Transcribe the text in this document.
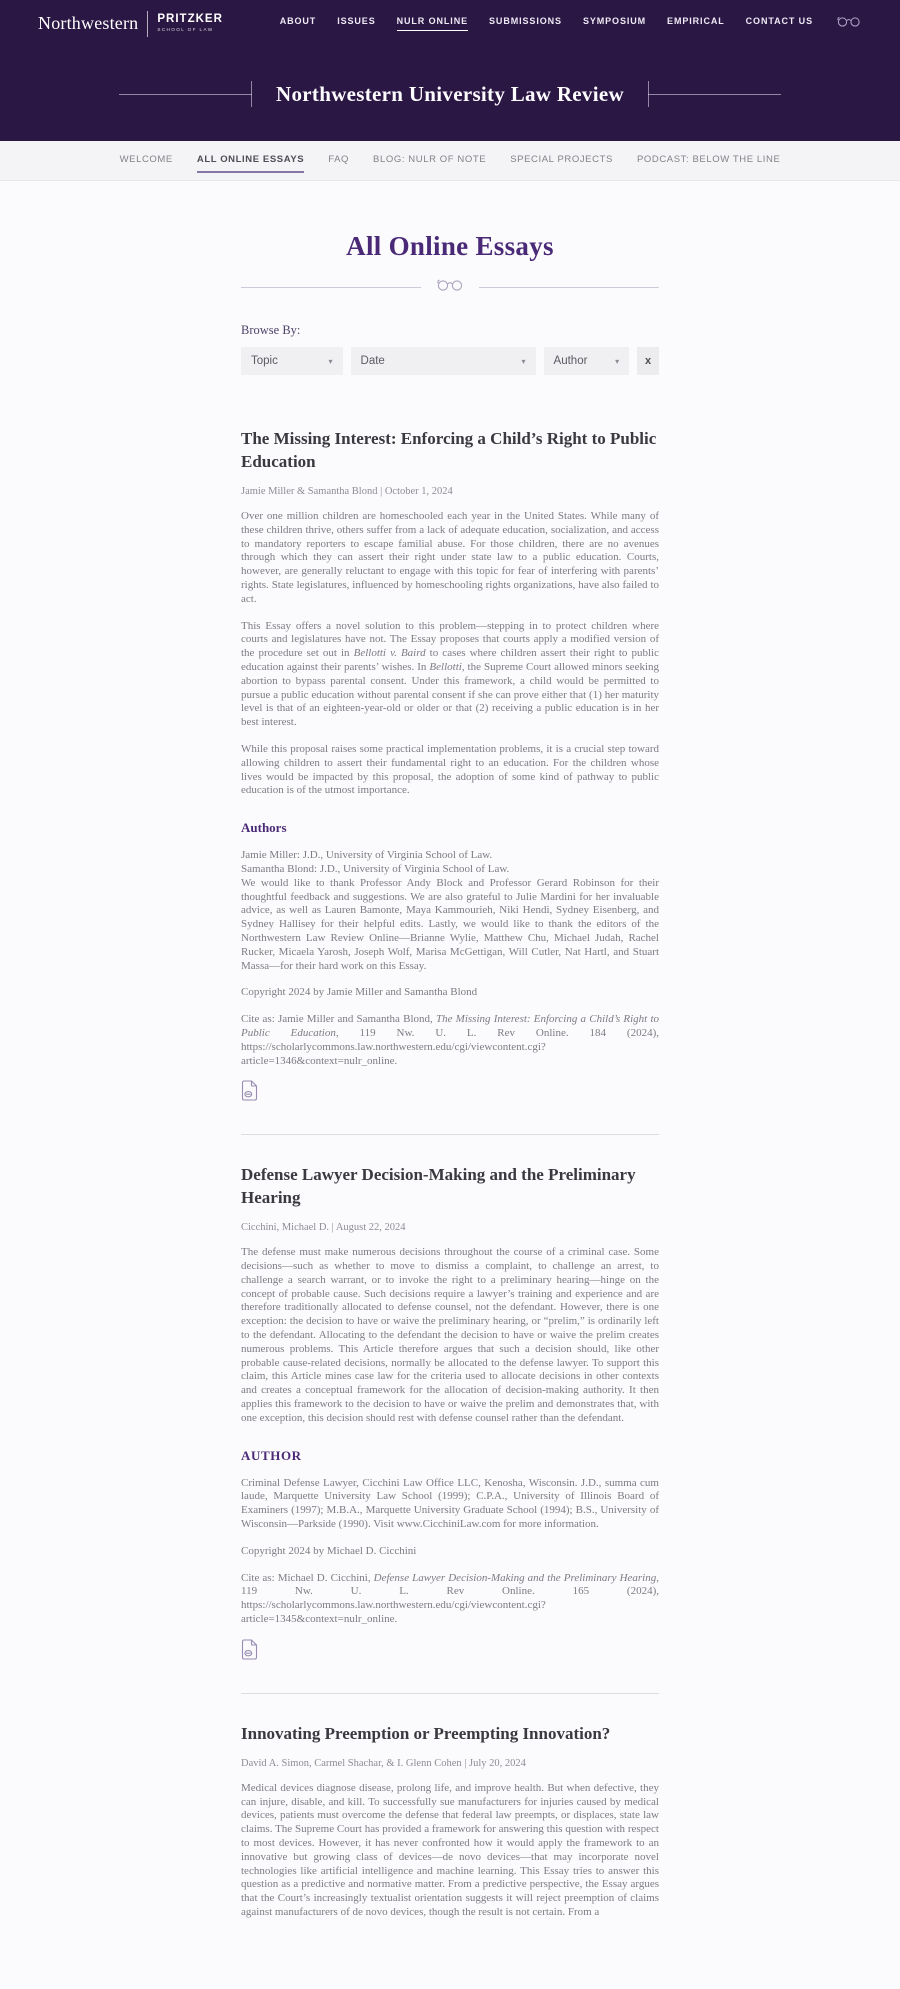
Northwestern PRITZKER
SCHOOL OF LAW
ABOUT ISSUES NULR ONLINE SUBMISSIONS SYMPOSIUM EMPIRICAL CONTACT US
Northwestern University Law Review
WELCOME	ALL ONLINE ESSAYS	FAQ	BLOG: NULR OF NOTE	SPECIAL PROJECTS	PODCAST: BELOW THE LINE
All Online Essays
Browse By:
Topic	▾ Date	▾ Author	▾	x
The Missing Interest: Enforcing a Child’s Right to Public Education
Jamie Miller & Samantha Blond | October 1, 2024

Over one million children are homeschooled each year in the United States. While many of these children thrive, others suffer from a lack of adequate education, socialization, and access to mandatory reporters to escape familial abuse. For those children, there are no avenues through which they can assert their right under state law to a public education. Courts, however, are generally reluctant to engage with this topic for fear of interfering with parents’ rights. State legislatures, influenced by homeschooling rights organizations, have also failed to act.

This Essay offers a novel solution to this problem—stepping in to protect children where courts and legislatures have not. The Essay proposes that courts apply a modified version of the procedure set out in Bellotti v. Baird to cases where children assert their right to public education against their parents’ wishes. In Bellotti, the Supreme Court allowed minors seeking abortion to bypass parental consent. Under this framework, a child would be permitted to pursue a public education without parental consent if she can prove either that (1) her maturity level is that of an eighteen-year-old or older or that (2) receiving a public education is in her best interest.

While this proposal raises some practical implementation problems, it is a crucial step toward allowing children to assert their fundamental right to an education. For the children whose lives would be impacted by this proposal, the adoption of some kind of pathway to public education is of the utmost importance.

Authors

Jamie Miller: J.D., University of Virginia School of Law.
Samantha Blond: J.D., University of Virginia School of Law.
We would like to thank Professor Andy Block and Professor Gerard Robinson for their thoughtful feedback and suggestions. We are also grateful to Julie Mardini for her invaluable advice, as well as Lauren Bamonte, Maya Kammourieh, Niki Hendi, Sydney Eisenberg, and Sydney Hallisey for their helpful edits. Lastly, we would like to thank the editors of the Northwestern Law Review Online—Brianne Wylie, Matthew Chu, Michael Judah, Rachel Rucker, Micaela Yarosh, Joseph Wolf, Marisa McGettigan, Will Cutler, Nat Hartl, and Stuart Massa—for their hard work on this Essay.

Copyright 2024 by Jamie Miller and Samantha Blond

Cite as: Jamie Miller and Samantha Blond, The Missing Interest: Enforcing a Child’s Right to Public Education, 119 Nw. U. L. Rev Online. 184 (2024), https://scholarlycommons.law.northwestern.edu/cgi/viewcontent.cgi?article=1346&context=nulr_online.

Defense Lawyer Decision-Making and the Preliminary Hearing
Cicchini, Michael D. | August 22, 2024

The defense must make numerous decisions throughout the course of a criminal case. Some decisions—such as whether to move to dismiss a complaint, to challenge an arrest, to challenge a search warrant, or to invoke the right to a preliminary hearing—hinge on the concept of probable cause. Such decisions require a lawyer’s training and experience and are therefore traditionally allocated to defense counsel, not the defendant. However, there is one exception: the decision to have or waive the preliminary hearing, or “prelim,” is ordinarily left to the defendant. Allocating to the defendant the decision to have or waive the prelim creates numerous problems. This Article therefore argues that such a decision should, like other probable cause-related decisions, normally be allocated to the defense lawyer. To support this claim, this Article mines case law for the criteria used to allocate decisions in other contexts and creates a conceptual framework for the allocation of decision-making authority. It then applies this framework to the decision to have or waive the prelim and demonstrates that, with one exception, this decision should rest with defense counsel rather than the defendant.

AUTHOR

Criminal Defense Lawyer, Cicchini Law Office LLC, Kenosha, Wisconsin. J.D., summa cum laude, Marquette University Law School (1999); C.P.A., University of Illinois Board of Examiners (1997); M.B.A., Marquette University Graduate School (1994); B.S., University of Wisconsin—Parkside (1990). Visit www.CicchiniLaw.com for more information.

Copyright 2024 by Michael D. Cicchini

Cite as: Michael D. Cicchini, Defense Lawyer Decision-Making and the Preliminary Hearing, 119 Nw. U. L. Rev Online. 165 (2024), https://scholarlycommons.law.northwestern.edu/cgi/viewcontent.cgi?article=1345&context=nulr_online.

Innovating Preemption or Preempting Innovation?
David A. Simon, Carmel Shachar, & I. Glenn Cohen | July 20, 2024

Medical devices diagnose disease, prolong life, and improve health. But when defective, they can injure, disable, and kill. To successfully sue manufacturers for injuries caused by medical devices, patients must overcome the defense that federal law preempts, or displaces, state law claims. The Supreme Court has provided a framework for answering this question with respect to most devices. However, it has never confronted how it would apply the framework to an innovative but growing class of devices—de novo devices—that may incorporate novel technologies like artificial intelligence and machine learning. This Essay tries to answer this question as a predictive and normative matter. From a predictive perspective, the Essay argues that the Court’s increasingly textualist orientation suggests it will reject preemption of claims against manufacturers of de novo devices, though the result is not certain. From a
